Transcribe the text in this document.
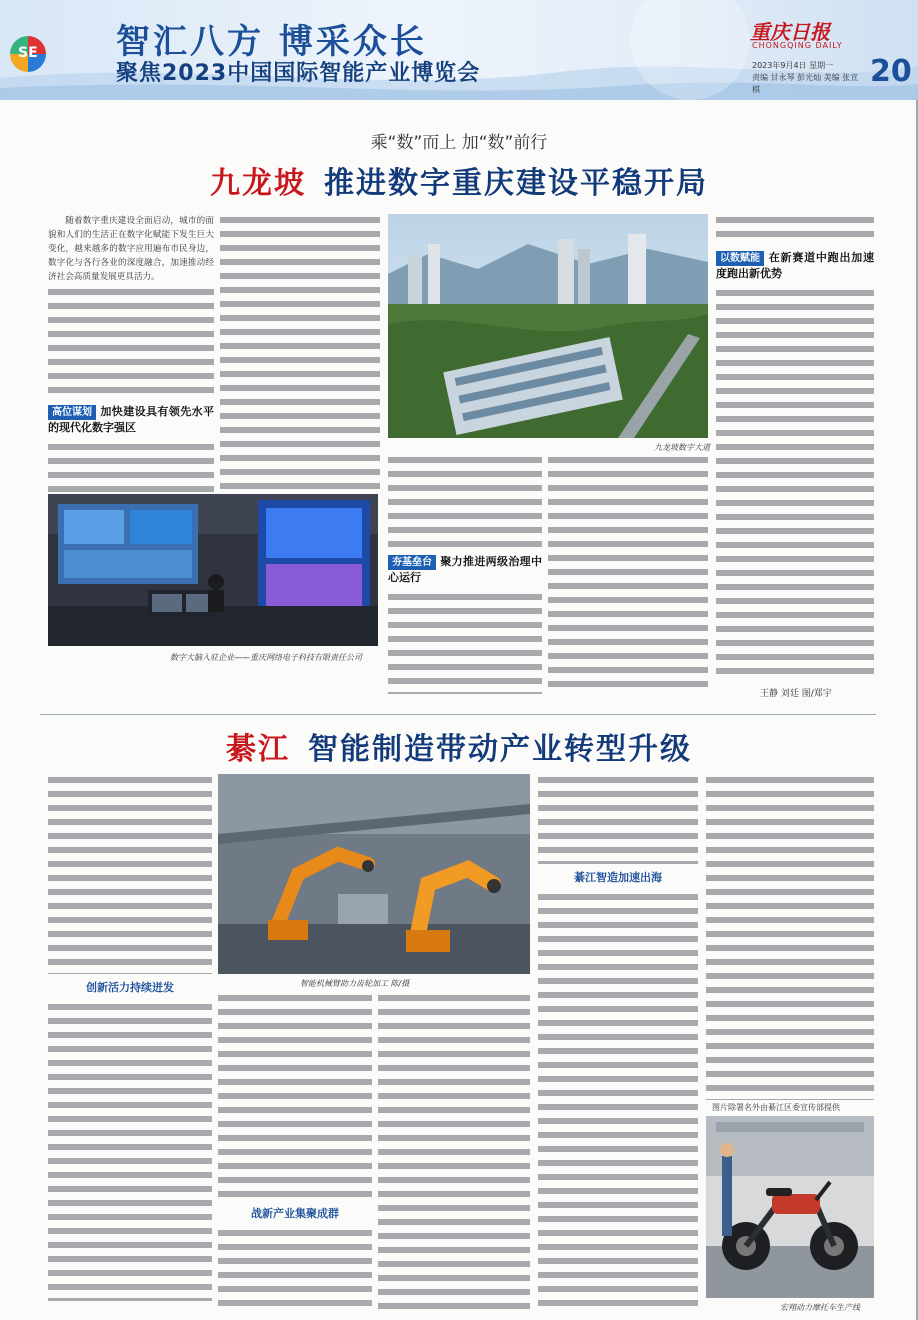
SE 智汇八方 博采众长
聚焦2023中国国际智能产业博览会
重庆日报
CHONGQING DAILY
2023年9月4日 星期一
责编 甘永琴 彭光灿 美编 张宣棋
20
乘“数”而上 加“数”前行
九龙坡 推进数字重庆建设平稳开局

随着数字重庆建设全面启动，城市的面貌和人们的生活正在数字化赋能下发生巨大变化，越来越多的数字应用遍布市民身边，数字化与各行各业的深度融合，加速推动经济社会高质量发展更具活力。

高位谋划 加快建设具有领先水平的现代化数字强区
九龙坡数字大道
夯基垒台 聚力推进两级治理中心运行
以数赋能 在新赛道中跑出加速度跑出新优势
王静 刘廷 图/郑宇
数字大脑入驻企业——重庆网络电子科技有限责任公司
綦江 智能制造带动产业转型升级
创新活力持续迸发	智能机械臂助力齿轮加工 陈/摄
战新产业集聚成群
綦江智造加速出海
图片除署名外由綦江区委宣传部提供
宏翔动力摩托车生产线
